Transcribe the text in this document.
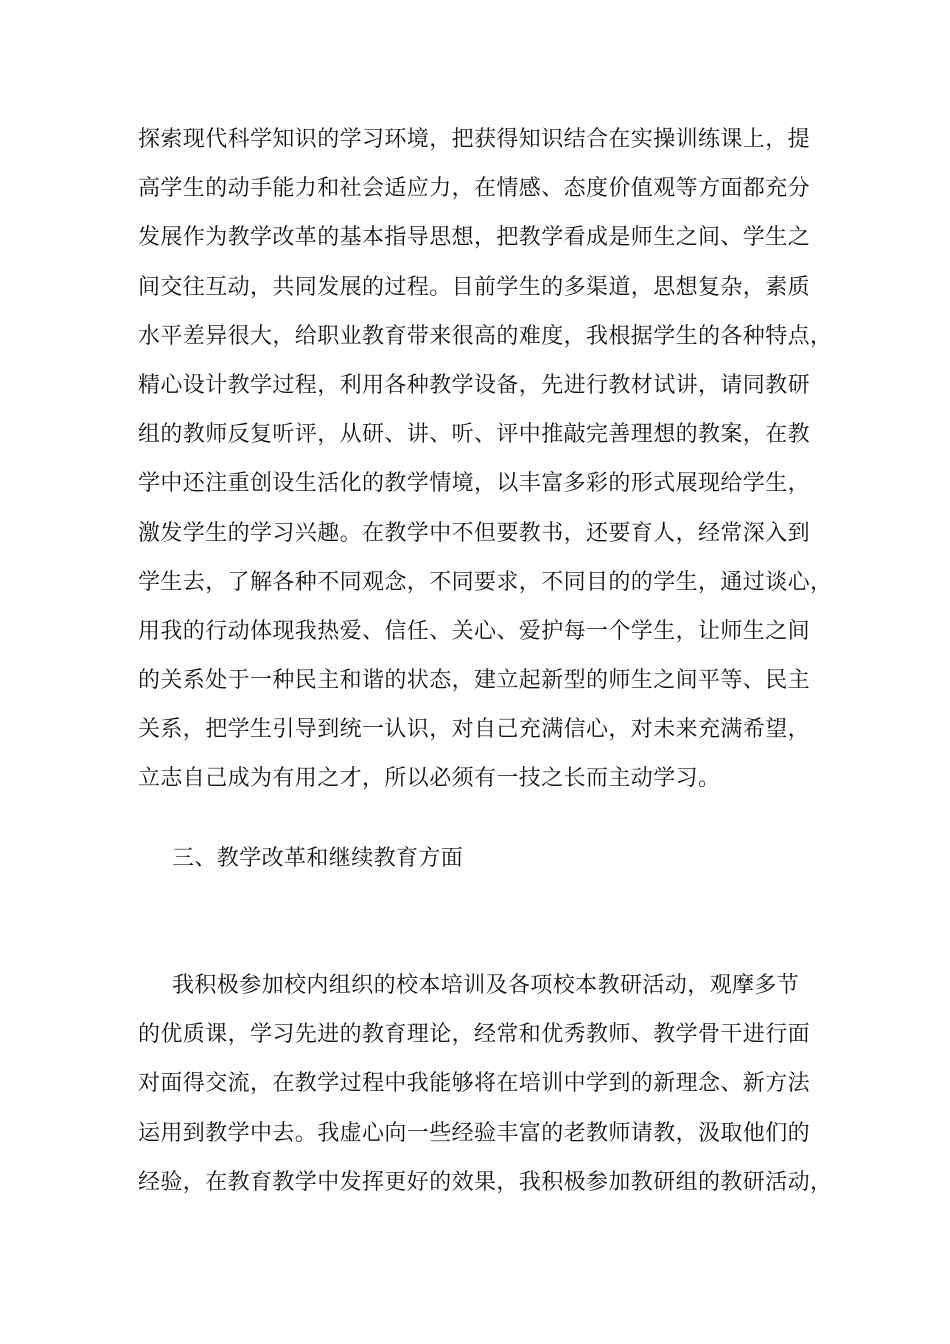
探索现代科学知识的学习环境，把获得知识结合在实操训练课上，提
高学生的动手能力和社会适应力，在情感、态度价值观等方面都充分
发展作为教学改革的基本指导思想，把教学看成是师生之间、学生之
间交往互动，共同发展的过程。目前学生的多渠道，思想复杂，素质
水平差异很大，给职业教育带来很高的难度，我根据学生的各种特点，
精心设计教学过程，利用各种教学设备，先进行教材试讲，请同教研
组的教师反复听评，从研、讲、听、评中推敲完善理想的教案，在教
学中还注重创设生活化的教学情境，以丰富多彩的形式展现给学生，
激发学生的学习兴趣。在教学中不但要教书，还要育人，经常深入到
学生去，了解各种不同观念，不同要求，不同目的的学生，通过谈心，
用我的行动体现我热爱、信任、关心、爱护每一个学生，让师生之间
的关系处于一种民主和谐的状态，建立起新型的师生之间平等、民主
关系，把学生引导到统一认识，对自己充满信心，对未来充满希望，
立志自己成为有用之才，所以必须有一技之长而主动学习。
三、教学改革和继续教育方面
我积极参加校内组织的校本培训及各项校本教研活动，观摩多节
的优质课，学习先进的教育理论，经常和优秀教师、教学骨干进行面
对面得交流，在教学过程中我能够将在培训中学到的新理念、新方法
运用到教学中去。我虚心向一些经验丰富的老教师请教，汲取他们的
经验，在教育教学中发挥更好的效果，我积极参加教研组的教研活动，
